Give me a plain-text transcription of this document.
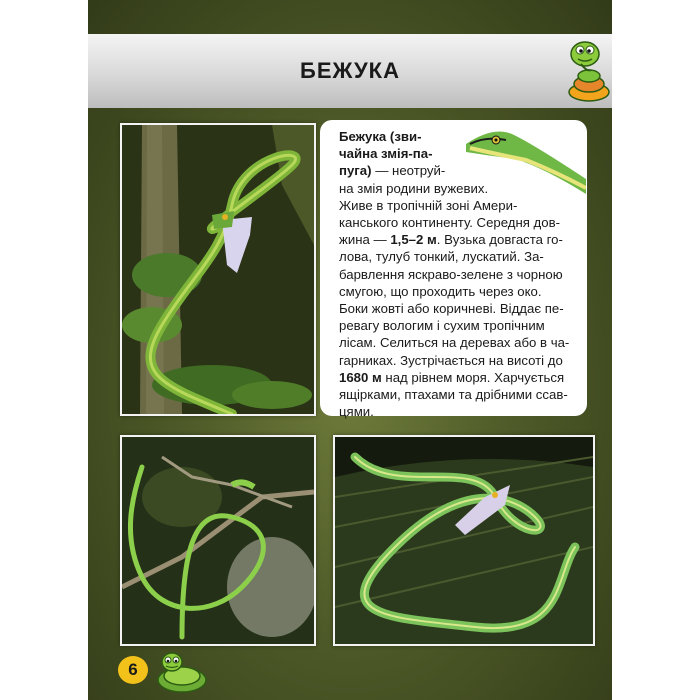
БЕЖУКА
Бежука (зви-
чайна змія-па-
пуга) — неотруй-
на змія родини вужевих.
Живе в тропічній зоні Амери-
канського континенту. Середня дов-
жина — 1,5–2 м. Вузька довгаста го-
лова, тулуб тонкий, лускатий. За-
барвлення яскраво-зелене з чорною
смугою, що проходить через око.
Боки жовті або коричневі. Віддає пе-
ревагу вологим і сухим тропічним
лісам. Селиться на деревах або в ча-
гарниках. Зустрічається на висоті до
1680 м над рівнем моря. Харчується
ящірками, птахами та дрібними ссав-
цями.
6
